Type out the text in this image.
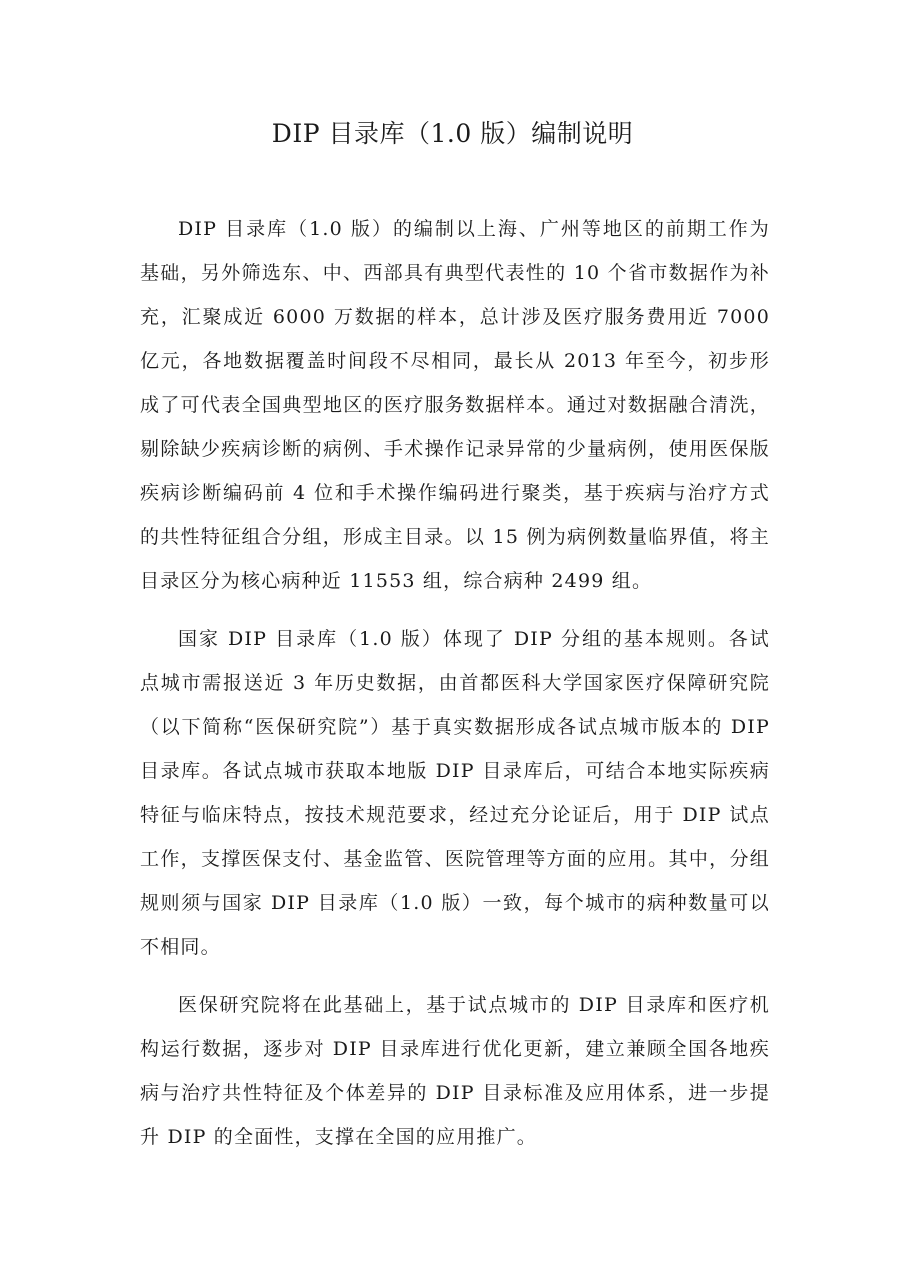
DIP 目录库（1.0 版）编制说明

DIP 目录库（1.0 版）的编制以上海、广州等地区的前期工作为基础，另外筛选东、中、西部具有典型代表性的 10 个省市数据作为补充，汇聚成近 6000 万数据的样本，总计涉及医疗服务费用近 7000 亿元，各地数据覆盖时间段不尽相同，最长从 2013 年至今，初步形成了可代表全国典型地区的医疗服务数据样本。通过对数据融合清洗，剔除缺少疾病诊断的病例、手术操作记录异常的少量病例，使用医保版疾病诊断编码前 4 位和手术操作编码进行聚类，基于疾病与治疗方式的共性特征组合分组，形成主目录。以 15 例为病例数量临界值，将主目录区分为核心病种近 11553 组，综合病种 2499 组。

国家 DIP 目录库（1.0 版）体现了 DIP 分组的基本规则。各试点城市需报送近 3 年历史数据，由首都医科大学国家医疗保障研究院（以下简称“医保研究院”）基于真实数据形成各试点城市版本的 DIP 目录库。各试点城市获取本地版 DIP 目录库后，可结合本地实际疾病特征与临床特点，按技术规范要求，经过充分论证后，用于 DIP 试点工作，支撑医保支付、基金监管、医院管理等方面的应用。其中，分组规则须与国家 DIP 目录库（1.0 版）一致，每个城市的病种数量可以不相同。

医保研究院将在此基础上，基于试点城市的 DIP 目录库和医疗机构运行数据，逐步对 DIP 目录库进行优化更新，建立兼顾全国各地疾病与治疗共性特征及个体差异的 DIP 目录标准及应用体系，进一步提升 DIP 的全面性，支撑在全国的应用推广。
